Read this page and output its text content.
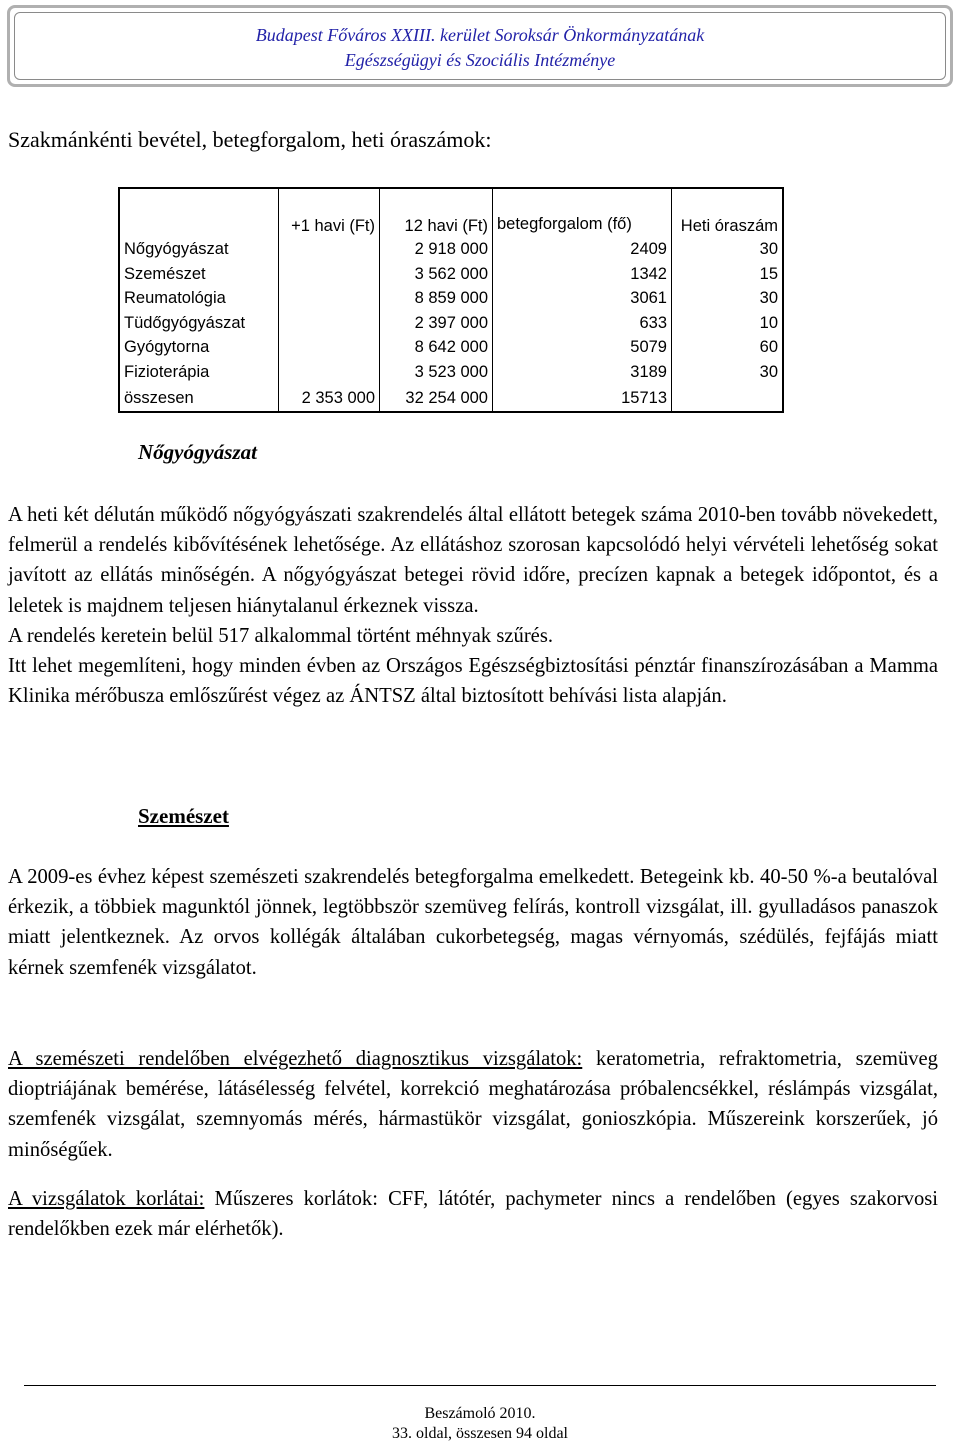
Budapest Főváros XXIII. kerület Soroksár Önkormányzatának
Egészségügyi és Szociális Intézménye
Szakmánkénti bevétel, betegforgalom, heti óraszámok:
	+1 havi (Ft)	12 havi (Ft)	betegforgalom (fő)	Heti óraszám
Nőgyógyászat		2 918 000	2409	30
Szemészet		3 562 000	1342	15
Reumatológia		8 859 000	3061	30
Tüdőgyógyászat		2 397 000	633	10
Gyógytorna		8 642 000	5079	60
Fizioterápia		3 523 000	3189	30
összesen	2 353 000	32 254 000	15713	
Nőgyógyászat
A heti két délután működő nőgyógyászati szakrendelés által ellátott betegek száma 2010-ben tovább növekedett, felmerül a rendelés kibővítésének lehetősége. Az ellátáshoz szorosan kapcsolódó helyi vérvételi lehetőség sokat javított az ellátás minőségén. A nőgyógyászat betegei rövid időre, precízen kapnak a betegek időpontot, és a leletek is majdnem teljesen hiánytalanul érkeznek vissza.
A rendelés keretein belül 517 alkalommal történt méhnyak szűrés.
Itt lehet megemlíteni, hogy minden évben az Országos Egészségbiztosítási pénztár finanszírozásában a Mamma Klinika mérőbusza emlőszűrést végez az ÁNTSZ által biztosított behívási lista alapján.
Szemészet
A 2009-es évhez képest szemészeti szakrendelés betegforgalma emelkedett. Betegeink kb. 40-50 %-a beutalóval érkezik, a többiek magunktól jönnek, legtöbbször szemüveg felírás, kontroll vizsgálat, ill. gyulladásos panaszok miatt jelentkeznek. Az orvos kollégák általában cukorbetegség, magas vérnyomás, szédülés, fejfájás miatt kérnek szemfenék vizsgálatot.
A szemészeti rendelőben elvégezhető diagnosztikus vizsgálatok: keratometria, refraktometria, szemüveg dioptriájának bemérése, látásélesség felvétel, korrekció meghatározása próbalencsékkel, réslámpás vizsgálat, szemfenék vizsgálat, szemnyomás mérés, hármastükör vizsgálat, gonioszkópia. Műszereink korszerűek, jó minőségűek.
A vizsgálatok korlátai: Műszeres korlátok: CFF, látótér, pachymeter nincs a rendelőben (egyes szakorvosi rendelőkben ezek már elérhetők).
Beszámoló 2010.
33. oldal, összesen 94 oldal
